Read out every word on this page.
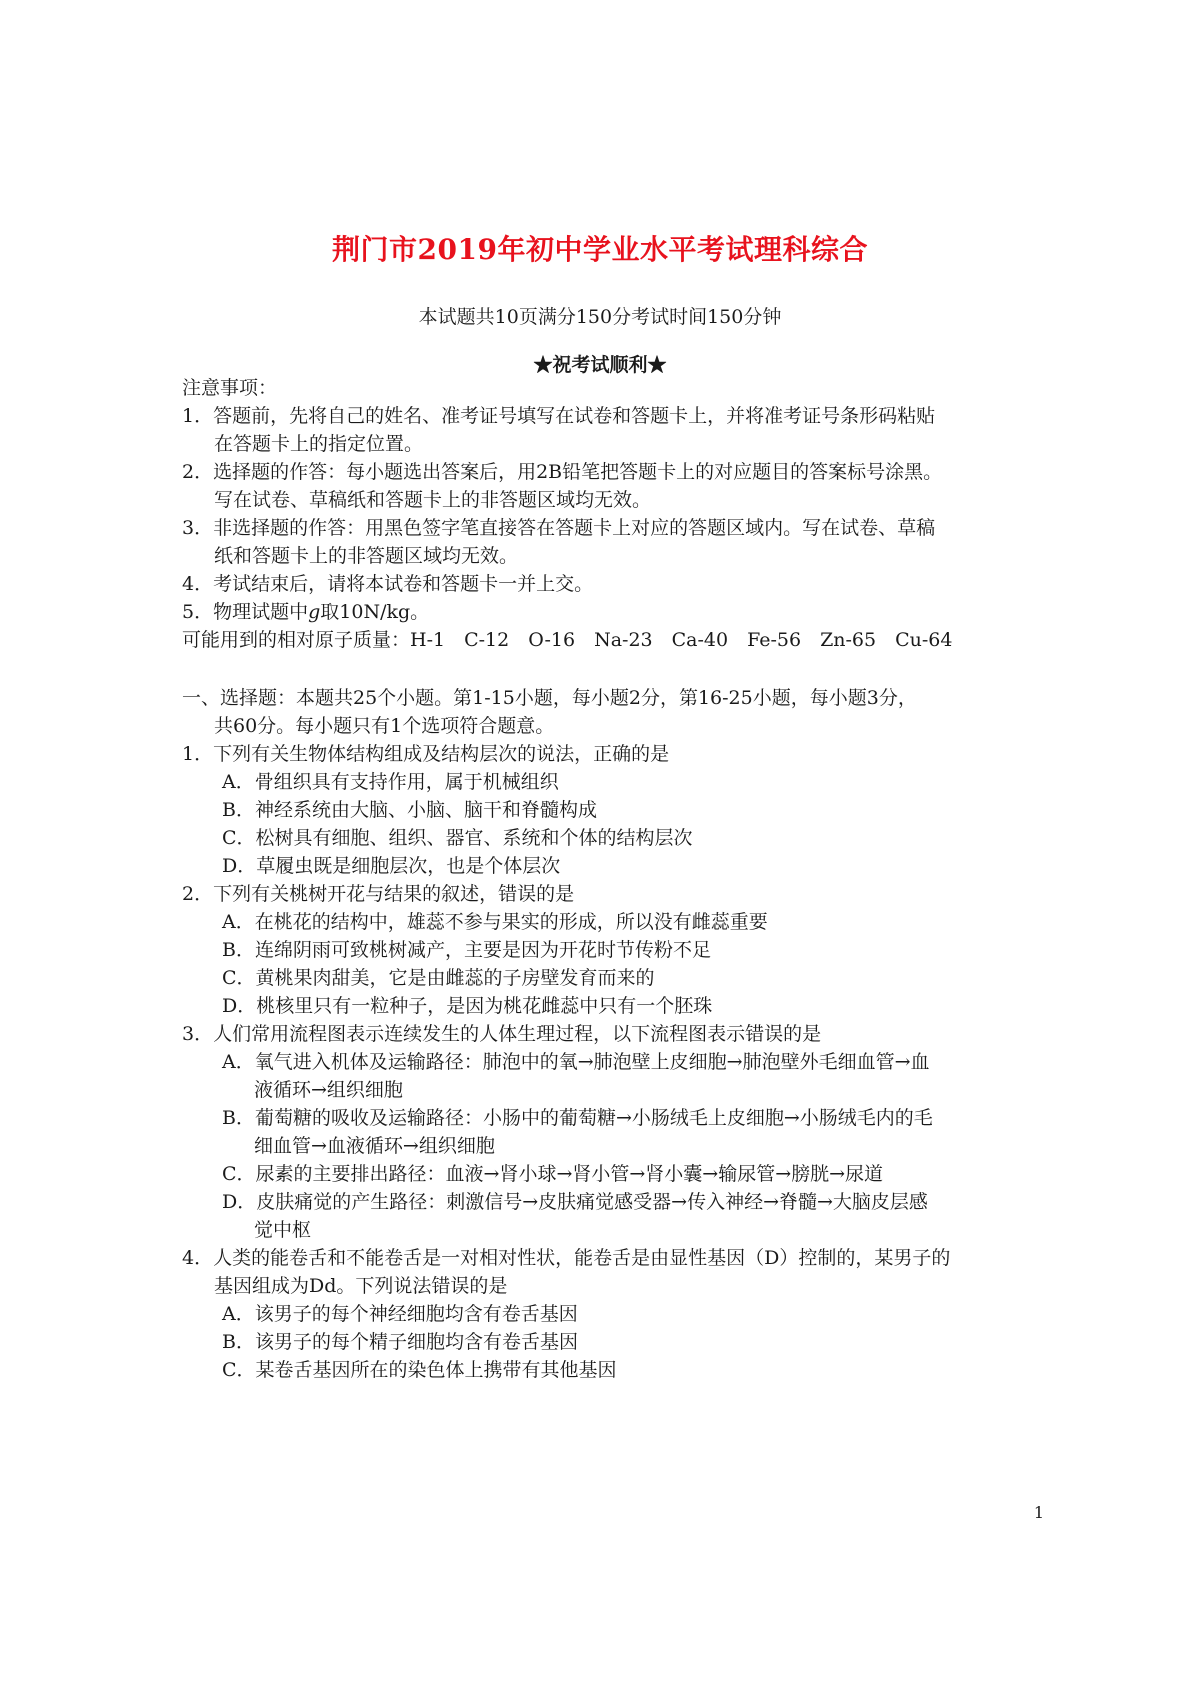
荆门市2019年初中学业水平考试理科综合
本试题共10页满分150分考试时间150分钟
★祝考试顺利★
注意事项：
1．答题前，先将自己的姓名、准考证号填写在试卷和答题卡上，并将准考证号条形码粘贴
在答题卡上的指定位置。
2．选择题的作答：每小题选出答案后，用2B铅笔把答题卡上的对应题目的答案标号涂黑。
写在试卷、草稿纸和答题卡上的非答题区域均无效。
3．非选择题的作答：用黑色签字笔直接答在答题卡上对应的答题区域内。写在试卷、草稿
纸和答题卡上的非答题区域均无效。
4．考试结束后，请将本试卷和答题卡一并上交。
5．物理试题中g取10N/kg。
可能用到的相对原子质量：H-1　C-12　O-16　Na-23　Ca-40　Fe-56　Zn-65　Cu-64
一、选择题：本题共25个小题。第1-15小题，每小题2分，第16-25小题，每小题3分，
共60分。每小题只有1个选项符合题意。
1．下列有关生物体结构组成及结构层次的说法，正确的是
A．骨组织具有支持作用，属于机械组织
B．神经系统由大脑、小脑、脑干和脊髓构成
C．松树具有细胞、组织、器官、系统和个体的结构层次
D．草履虫既是细胞层次，也是个体层次
2．下列有关桃树开花与结果的叙述，错误的是
A．在桃花的结构中，雄蕊不参与果实的形成，所以没有雌蕊重要
B．连绵阴雨可致桃树减产，主要是因为开花时节传粉不足
C．黄桃果肉甜美，它是由雌蕊的子房壁发育而来的
D．桃核里只有一粒种子，是因为桃花雌蕊中只有一个胚珠
3．人们常用流程图表示连续发生的人体生理过程，以下流程图表示错误的是
A．氧气进入机体及运输路径：肺泡中的氧→肺泡壁上皮细胞→肺泡壁外毛细血管→血
液循环→组织细胞
B．葡萄糖的吸收及运输路径：小肠中的葡萄糖→小肠绒毛上皮细胞→小肠绒毛内的毛
细血管→血液循环→组织细胞
C．尿素的主要排出路径：血液→肾小球→肾小管→肾小囊→输尿管→膀胱→尿道
D．皮肤痛觉的产生路径：刺激信号→皮肤痛觉感受器→传入神经→脊髓→大脑皮层感
觉中枢
4．人类的能卷舌和不能卷舌是一对相对性状，能卷舌是由显性基因（D）控制的，某男子的
基因组成为Dd。下列说法错误的是
A．该男子的每个神经细胞均含有卷舌基因
B．该男子的每个精子细胞均含有卷舌基因
C．某卷舌基因所在的染色体上携带有其他基因
1
